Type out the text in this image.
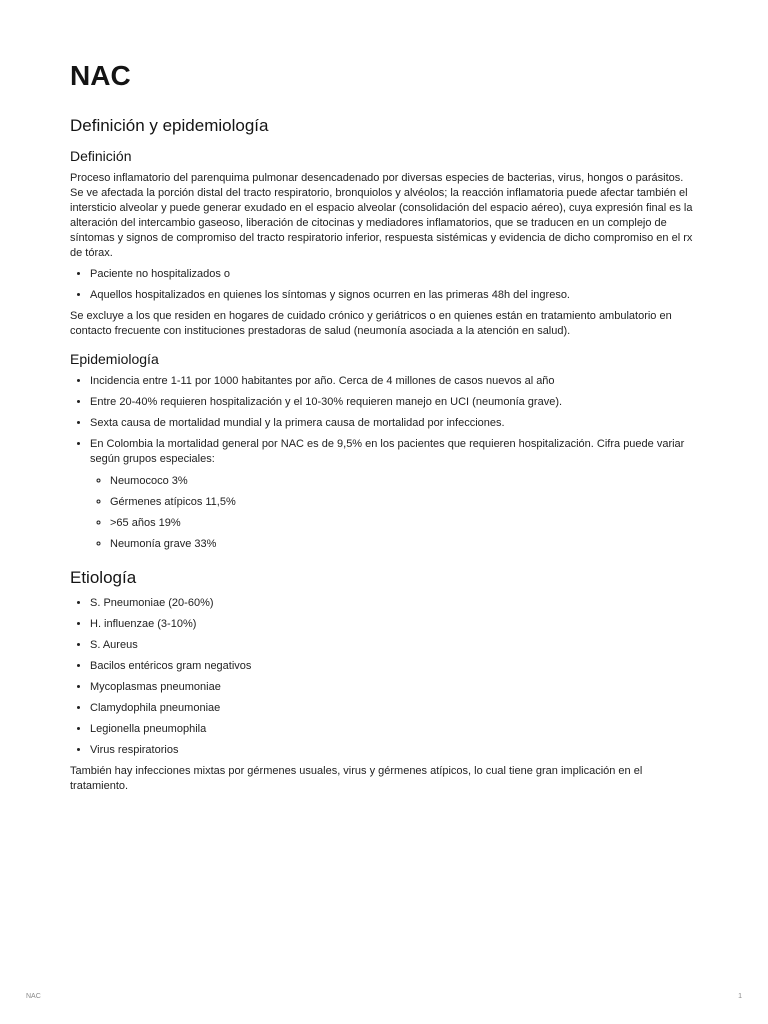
NAC
Definición y epidemiología
Definición

Proceso inflamatorio del parenquima pulmonar desencadenado por diversas especies de bacterias, virus, hongos o parásitos. Se ve afectada la porción distal del tracto respiratorio, bronquiolos y alvéolos; la reacción inflamatoria puede afectar también el intersticio alveolar y puede generar exudado en el espacio alveolar (consolidación del espacio aéreo), cuya expresión final es la alteración del intercambio gaseoso, liberación de citocinas y mediadores inflamatorios, que se traducen en un complejo de síntomas y signos de compromiso del tracto respiratorio inferior, respuesta sistémicas y evidencia de dicho compromiso en el rx de tórax.

• Paciente no hospitalizados o
• Aquellos hospitalizados en quienes los síntomas y signos ocurren en las primeras 48h del ingreso.

Se excluye a los que residen en hogares de cuidado crónico y geriátricos o en quienes están en tratamiento ambulatorio en contacto frecuente con instituciones prestadoras de salud (neumonía asociada a la atención en salud).

Epidemiología
• Incidencia entre 1-11 por 1000 habitantes por año. Cerca de 4 millones de casos nuevos al año
• Entre 20-40% requieren hospitalización y el 10-30% requieren manejo en UCI (neumonía grave).
• Sexta causa de mortalidad mundial y la primera causa de mortalidad por infecciones.
• En Colombia la mortalidad general por NAC es de 9,5% en los pacientes que requieren hospitalización. Cifra puede variar según grupos especiales:
◦ Neumococo 3%
◦ Gérmenes atípicos 11,5%
◦ >65 años 19%
◦ Neumonía grave 33%
Etiología
• S. Pneumoniae (20-60%)
• H. influenzae (3-10%)
• S. Aureus
• Bacilos entéricos gram negativos
• Mycoplasmas pneumoniae
• Clamydophila pneumoniae
• Legionella pneumophila
• Virus respiratorios

También hay infecciones mixtas por gérmenes usuales, virus y gérmenes atípicos, lo cual tiene gran implicación en el tratamiento.

NAC	1
